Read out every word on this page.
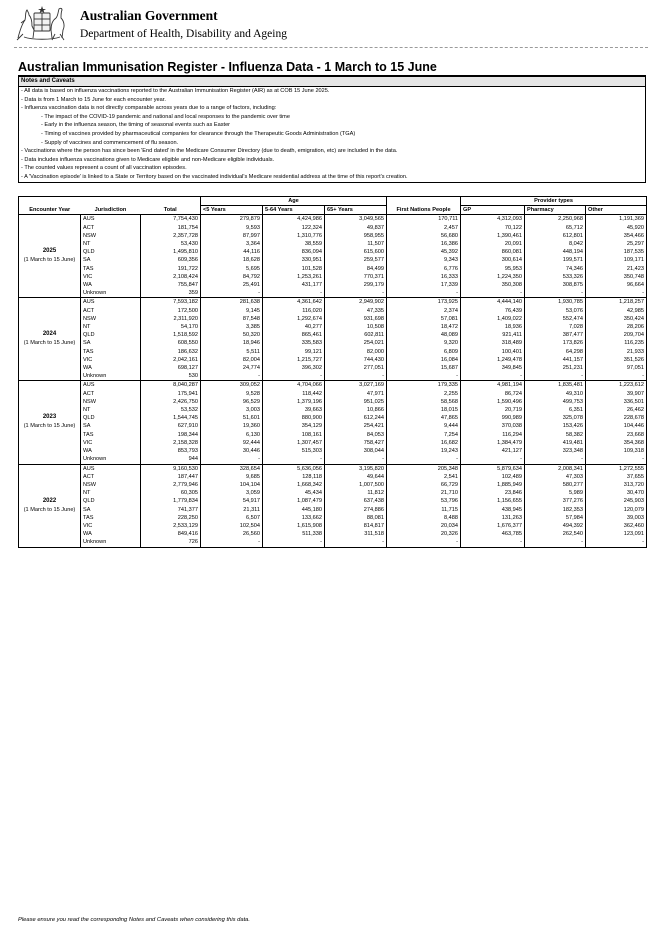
Australian Government
Department of Health, Disability and Ageing
Australian Immunisation Register - Influenza Data - 1 March to 15 June
Notes and Caveats
- All data is based on influenza vaccinations reported to the Australian Immunisation Register (AIR) as at COB 15 June 2025.
- Data is from 1 March to 15 June for each encounter year.
- Influenza vaccination data is not directly comparable across years due to a range of factors, including:
- The impact of the COVID-19 pandemic and national and local responses to the pandemic over time
- Early in the influenza season, the timing of seasonal events such as Easter
- Timing of vaccines provided by pharmaceutical companies for clearance through the Therapeutic Goods Administration (TGA)
- Supply of vaccines and commencement of flu season.
- Vaccinations where the person has since been 'End dated' in the Medicare Consumer Directory (due to death, emigration, etc) are included in the data.
- Data includes influenza vaccinations given to Medicare eligible and non-Medicare eligible individuals.
- The counted values represent a count of all vaccination episodes.
- A 'Vaccination episode' is linked to a State or Territory based on the vaccinated individual's Medicare residential address at the time of this report's creation.
			Age				Provider types		
Encounter Year	Jurisdiction	Total	<5 Years	5-64 Years	65+ Years	First Nations People	GP	Pharmacy	Other
2025
(1 March to 15 June)	AUS	7,754,430	279,879	4,424,986	3,049,565	170,711	4,312,093	2,250,968	1,191,369
	ACT	181,754	9,593	122,324	49,837	2,457	70,122	65,712	45,920
	NSW	2,357,728	87,997	1,310,776	958,955	56,680	1,390,461	612,801	354,466
	NT	53,430	3,364	38,559	11,507	16,386	20,091	8,042	25,297
	QLD	1,495,810	44,116	836,094	615,600	45,392	860,081	448,194	187,535
	SA	609,356	18,628	330,951	259,577	9,343	300,614	199,571	109,171
	TAS	191,722	5,695	101,528	84,499	6,776	95,953	74,346	21,423
	VIC	2,108,424	84,792	1,253,261	770,371	16,333	1,224,350	533,326	350,748
	WA	755,847	25,491	431,177	299,179	17,339	350,308	308,875	96,664
	Unknown	359	-	-	-	-	-	-	-
2024
(1 March to 15 June)	AUS	7,593,182	281,638	4,361,642	2,949,902	173,925	4,444,140	1,930,785	1,218,257
	ACT	172,500	9,145	116,020	47,335	2,374	76,439	53,076	42,985
	NSW	2,311,920	87,548	1,292,674	931,698	57,081	1,409,022	552,474	350,424
	NT	54,170	3,385	40,277	10,508	18,472	18,936	7,028	28,206
	QLD	1,518,592	50,320	865,461	602,811	48,089	921,411	387,477	209,704
	SA	608,550	18,946	335,583	254,021	9,320	318,489	173,826	116,235
	TAS	186,632	5,511	99,121	82,000	6,809	100,401	64,298	21,933
	VIC	2,042,161	82,004	1,215,727	744,430	16,084	1,249,478	441,157	351,526
	WA	698,127	24,774	396,302	277,051	15,687	349,845	251,231	97,051
	Unknown	530	-	-	-	-	-	-	-
2023
(1 March to 15 June)	AUS	8,040,287	309,052	4,704,066	3,027,169	179,335	4,981,194	1,835,481	1,223,612
	ACT	175,941	9,528	118,442	47,971	2,255	86,724	49,310	39,907
	NSW	2,426,750	96,529	1,379,196	951,025	58,568	1,590,496	499,753	336,501
	NT	53,532	3,003	39,663	10,866	18,015	20,719	6,351	26,462
	QLD	1,544,745	51,601	880,900	612,244	47,865	990,989	325,078	228,678
	SA	627,910	19,360	354,129	254,421	9,444	370,038	153,426	104,446
	TAS	198,344	6,130	108,161	84,053	7,254	116,294	58,382	23,668
	VIC	2,158,328	92,444	1,307,457	758,427	16,682	1,384,479	419,481	354,368
	WA	853,793	30,446	515,303	308,044	19,243	421,127	323,348	109,318
	Unknown	944	-	-	-	-	-	-	-
2022
(1 March to 15 June)	AUS	9,160,530	328,654	5,636,056	3,195,820	205,348	5,879,634	2,008,341	1,272,555
	ACT	187,447	9,685	128,118	49,644	2,541	102,489	47,303	37,655
	NSW	2,779,946	104,104	1,668,342	1,007,500	66,729	1,885,949	580,277	313,720
	NT	60,305	3,059	45,434	11,812	21,710	23,846	5,989	30,470
	QLD	1,779,834	54,917	1,087,479	637,438	53,796	1,156,655	377,276	245,903
	SA	741,377	21,311	445,180	274,886	11,715	438,945	182,353	120,079
	TAS	228,250	6,507	133,662	88,081	8,488	131,263	57,984	39,003
	VIC	2,533,129	102,504	1,615,908	814,817	20,034	1,676,377	494,392	362,460
	WA	849,416	26,560	511,338	311,518	20,326	463,785	262,540	123,091
	Unknown	726	-	-	-	-	-	-	-
Please ensure you read the corresponding Notes and Caveats when considering this data.
